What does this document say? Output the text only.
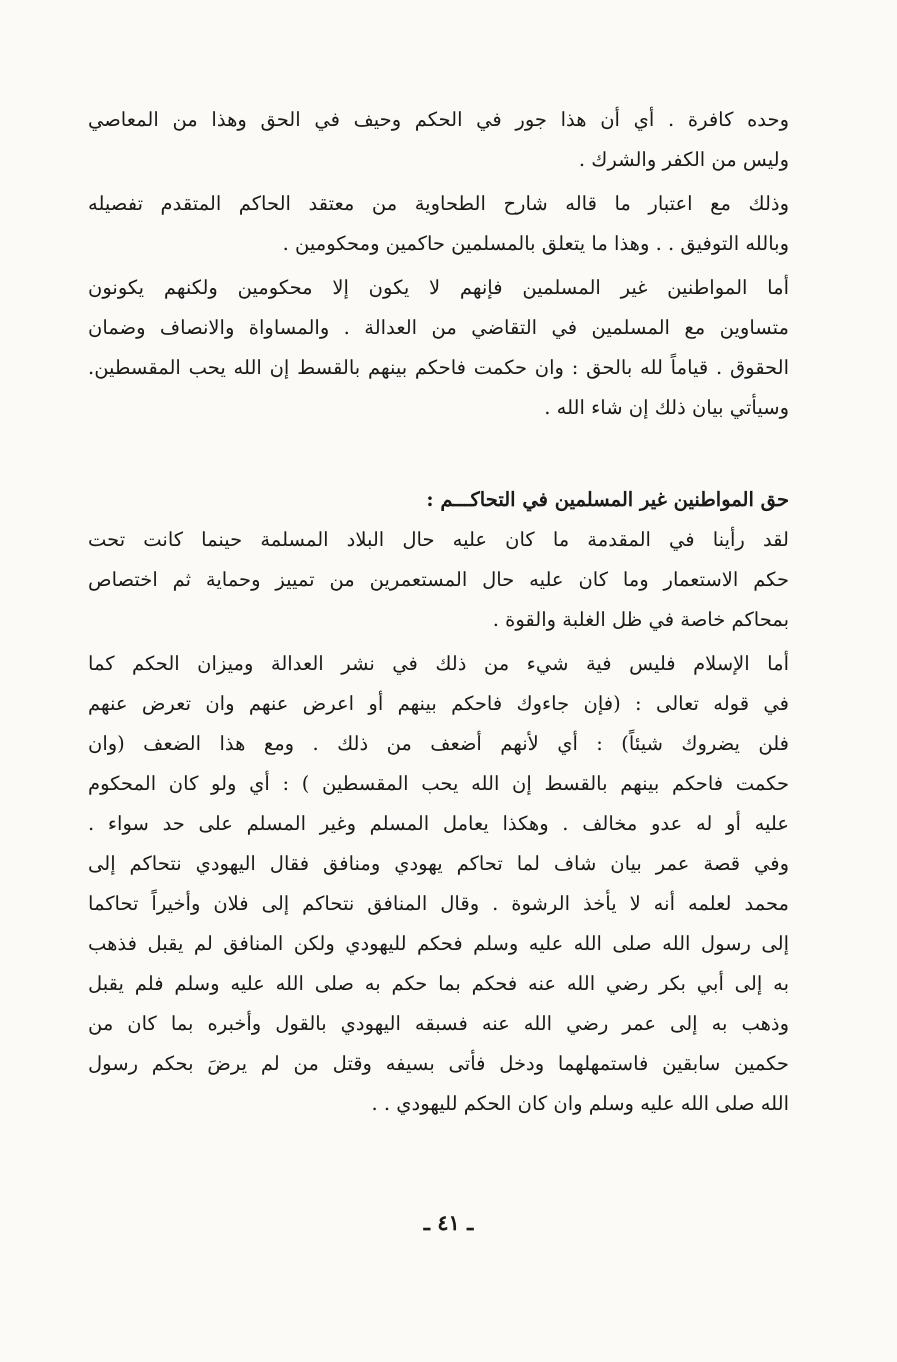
وحده كافرة . أي أن هذا جور في الحكم وحيف في الحق وهذا من المعاصي
وليس من الكفر والشرك .
وذلك مع اعتبار ما قاله شارح الطحاوية من معتقد الحاكم المتقدم تفصيله
وبالله التوفيق . . وهذا ما يتعلق بالمسلمين حاكمين ومحكومين .
أما المواطنين غير المسلمين فإنهم لا يكون إلا محكومين ولكنهم يكونون
متساوين مع المسلمين في التقاضي من العدالة . والمساواة والانصاف وضمان
الحقوق . قياماً لله بالحق : وان حكمت فاحكم بينهم بالقسط إن الله يحب المقسطين.
وسيأتي بيان ذلك إن شاء الله .
حق المواطنين غير المسلمين في التحاكـــم :
لقد رأينا في المقدمة ما كان عليه حال البلاد المسلمة حينما كانت تحت
حكم الاستعمار وما كان عليه حال المستعمرين من تمييز وحماية ثم اختصاص
بمحاكم خاصة في ظل الغلبة والقوة .
أما الإسلام فليس فية شيء من ذلك في نشر العدالة وميزان الحكم كما
في قوله تعالى : (فإن جاءوك فاحكم بينهم أو اعرض عنهم وان تعرض عنهم
فلن يضروك شيئاً) : أي لأنهم أضعف من ذلك . ومع هذا الضعف (وان
حكمت فاحكم بينهم بالقسط إن الله يحب المقسطين ) : أي ولو كان المحكوم
عليه أو له عدو مخالف . وهكذا يعامل المسلم وغير المسلم على حد سواء .
وفي قصة عمر بيان شاف لما تحاكم يهودي ومنافق فقال اليهودي نتحاكم إلى
محمد لعلمه أنه لا يأخذ الرشوة . وقال المنافق نتحاكم إلى فلان وأخيراً تحاكما
إلى رسول الله صلى الله عليه وسلم فحكم لليهودي ولكن المنافق لم يقبل فذهب
به إلى أبي بكر رضي الله عنه فحكم بما حكم به صلى الله عليه وسلم فلم يقبل
وذهب به إلى عمر رضي الله عنه فسبقه اليهودي بالقول وأخبره بما كان من
حكمين سابقين فاستمهلهما ودخل فأتى بسيفه وقتل من لم يرضَ بحكم رسول
الله صلى الله عليه وسلم وان كان الحكم لليهودي . .
ـ ٤١ ـ
